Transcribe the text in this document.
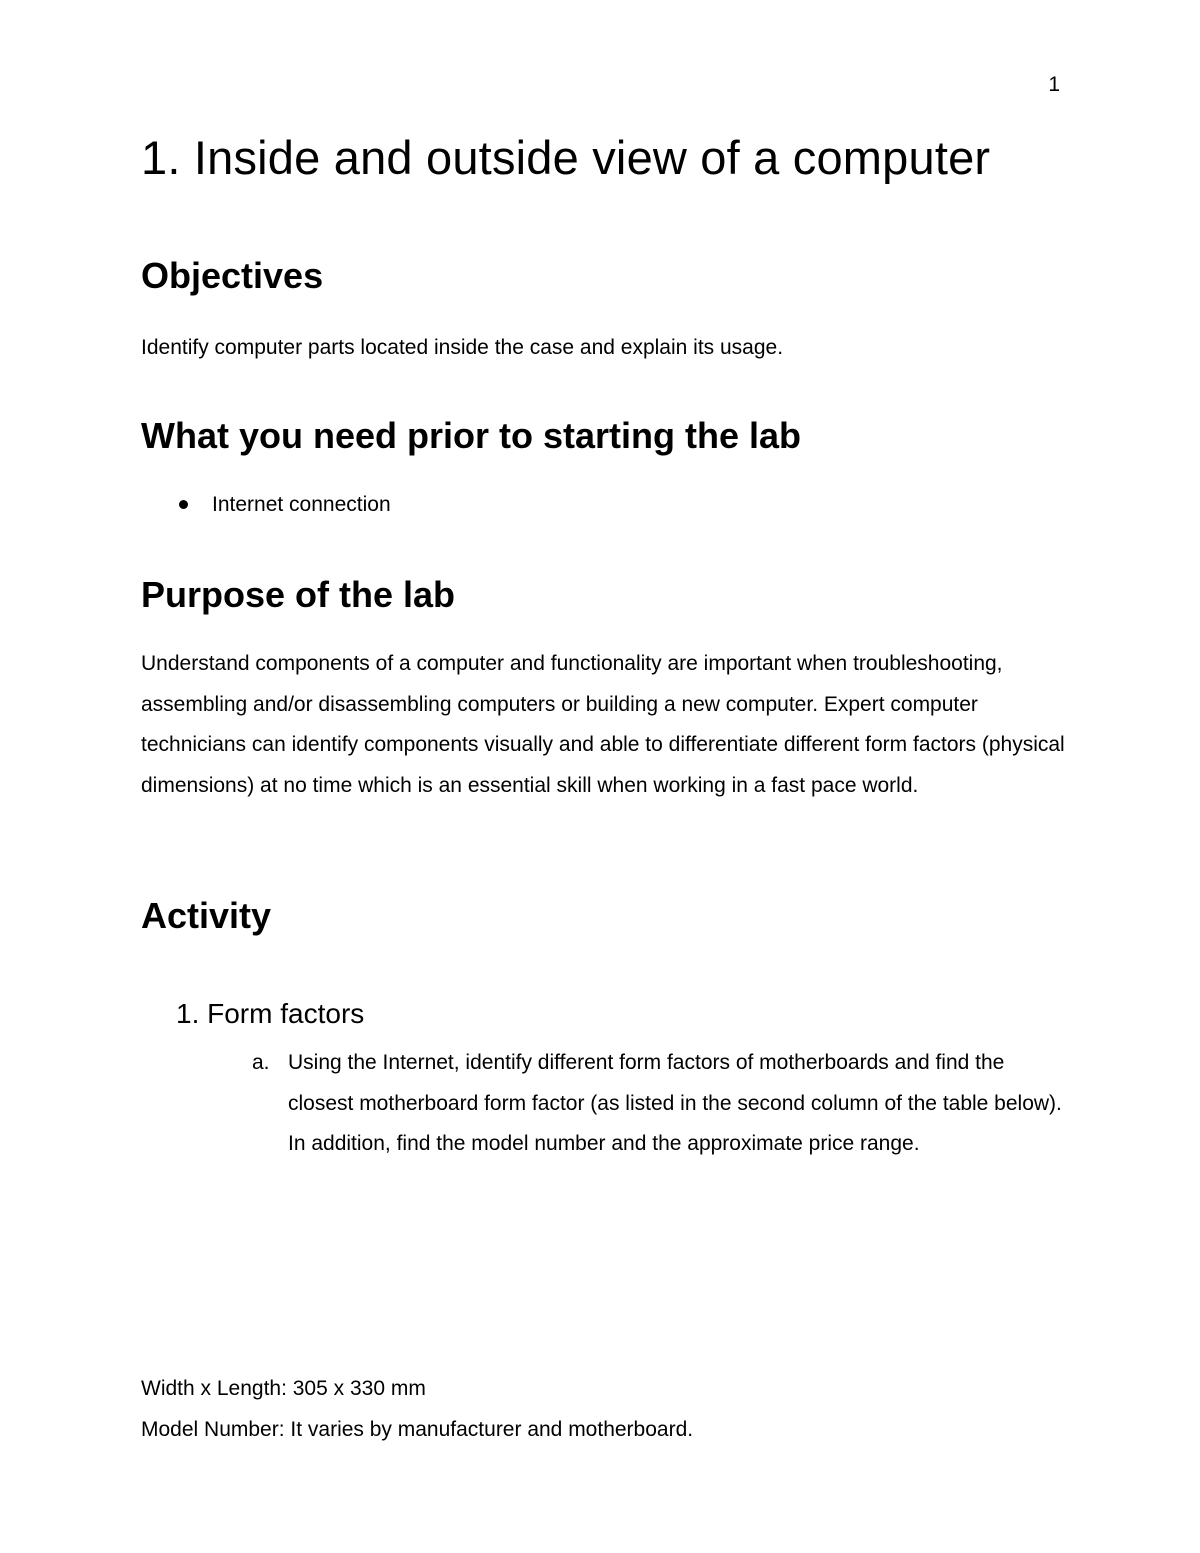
1
1. Inside and outside view of a computer
Objectives

Identify computer parts located inside the case and explain its usage.

What you need prior to starting the lab
Internet connection
Purpose of the lab

Understand components of a computer and functionality are important when troubleshooting, assembling and/or disassembling computers or building a new computer. Expert computer technicians can identify components visually and able to differentiate different form factors (physical dimensions) at no time which is an essential skill when working in a fast pace world.

Activity
1. Form factors
a. Using the Internet, identify different form factors of motherboards and find the closest motherboard form factor (as listed in the second column of the table below). In addition, find the model number and the approximate price range.

Width x Length: 305 x 330 mm

Model Number: It varies by manufacturer and motherboard.
